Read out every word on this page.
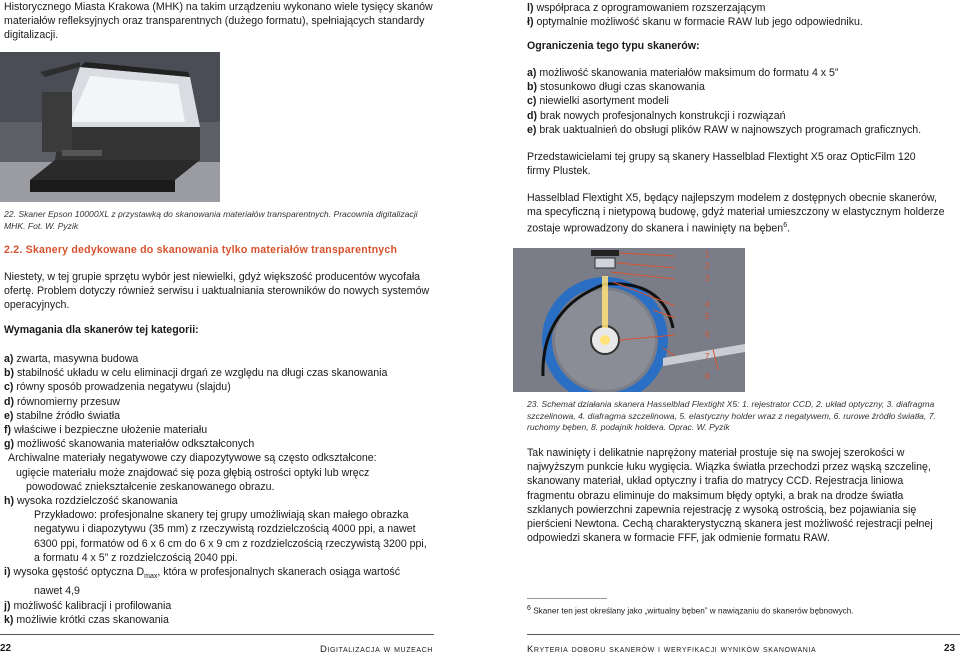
Historycznego Miasta Krakowa (MHK) na takim urządzeniu wykonano wiele tysięcy skanów materiałów refleksyjnych oraz transparentnych (dużego formatu), spełniających standardy digitalizacji.
22. Skaner Epson 10000XL z przystawką do skanowania materiałów transparentnych. Pracownia digitalizacji MHK. Fot. W. Pyzik
2.2. Skanery dedykowane do skanowania tylko materiałów transparentnych
Niestety, w tej grupie sprzętu wybór jest niewielki, gdyż większość producentów wycofała ofertę. Problem dotyczy również serwisu i uaktualniania sterowników do nowych systemów operacyjnych.
Wymagania dla skanerów tej kategorii:
a) zwarta, masywna budowa
b) stabilność układu w celu eliminacji drgań ze względu na długi czas skanowania
c) równy sposób prowadzenia negatywu (slajdu)
d) równomierny przesuw
e) stabilne źródło światła
f) właściwe i bezpieczne ułożenie materiału
g) możliwość skanowania materiałów odkształconych
Archiwalne materiały negatywowe czy diapozytywowe są często odkształcone:
ugięcie materiału może znajdować się poza głębią ostrości optyki lub wręcz
powodować zniekształcenie zeskanowanego obrazu.
h) wysoka rozdzielczość skanowania
Przykładowo: profesjonalne skanery tej grupy umożliwiają skan małego obrazka
negatywu i diapozytywu (35 mm) z rzeczywistą rozdzielczością 4000 ppi, a nawet
6300 ppi, formatów od 6 x 6 cm do 6 x 9 cm z rozdzielczością rzeczywistą 3200 ppi,
a formatu 4 x 5” z rozdzielczością 2040 ppi.
i) wysoka gęstość optyczna $D_{max}$, która w profesjonalnych skanerach osiąga wartość
nawet 4,9
j) możliwość kalibracji i profilowania
k) możliwie krótki czas skanowania
l) współpraca z oprogramowaniem rozszerzającym
ł) optymalnie możliwość skanu w formacie RAW lub jego odpowiedniku.
Ograniczenia tego typu skanerów:
a) możliwość skanowania materiałów maksimum do formatu 4 x 5”
b) stosunkowo długi czas skanowania
c) niewielki asortyment modeli
d) brak nowych profesjonalnych konstrukcji i rozwiązań
e) brak uaktualnień do obsługi plików RAW w najnowszych programach graficznych.
Przedstawicielami tej grupy są skanery Hasselblad Flextight X5 oraz OpticFilm 120 firmy Plustek.
Hasselblad Flextight X5, będący najlepszym modelem z dostępnych obecnie skanerów, ma specyficzną i nietypową budowę, gdyż materiał umieszczony w elastycznym holderze zostaje wprowadzony do skanera i nawinięty na bęben$^6$.
1
2
3
4
5
6
7
8
23. Schemat działania skanera Hasselblad Flextight X5: 1. rejestrator CCD, 2. układ optyczny, 3. diafragma szczelinowa, 4. diafragma szczelinowa, 5. elastyczny holder wraz z negatywem, 6. rurowe źródło światła, 7. ruchomy bęben, 8. podajnik holdera. Oprac. W. Pyzik
Tak nawinięty i delikatnie naprężony materiał prostuje się na swojej szerokości w najwyższym punkcie łuku wygięcia. Wiązka światła przechodzi przez wąską szczelinę, skanowany materiał, układ optyczny i trafia do matrycy CCD. Rejestracja liniowa fragmentu obrazu eliminuje do maksimum błędy optyki, a brak na drodze światła szklanych powierzchni zapewnia rejestrację z wysoką ostrością, bez pojawiania się pierścieni Newtona. Cechą charakterystyczną skanera jest możliwość rejestracji pełnej odpowiedzi skanera w formacie FFF, jak odmienie formatu RAW.
6 Skaner ten jest określany jako „wirtualny bęben” w nawiązaniu do skanerów bębnowych.
22	Digitalizacja w muzeach	Kryteria doboru skanerów i weryfikacji wyników skanowania	23
